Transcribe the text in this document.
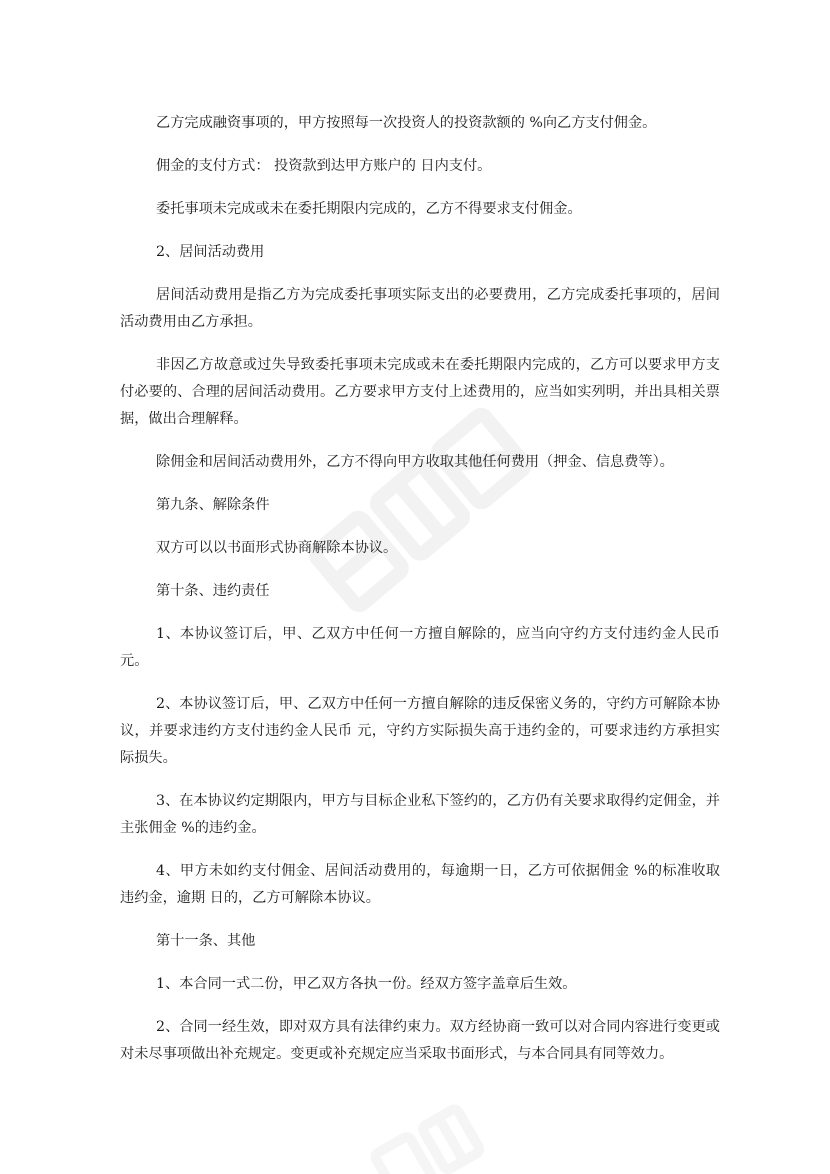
乙方完成融资事项的，甲方按照每一次投资人的投资款额的 %向乙方支付佣金。

佣金的支付方式： 投资款到达甲方账户的 日内支付。

委托事项未完成或未在委托期限内完成的，乙方不得要求支付佣金。

2、居间活动费用

居间活动费用是指乙方为完成委托事项实际支出的必要费用，乙方完成委托事项的，居间活动费用由乙方承担。

非因乙方故意或过失导致委托事项未完成或未在委托期限内完成的，乙方可以要求甲方支付必要的、合理的居间活动费用。乙方要求甲方支付上述费用的，应当如实列明，并出具相关票据，做出合理解释。

除佣金和居间活动费用外，乙方不得向甲方收取其他任何费用（押金、信息费等）。

第九条、解除条件

双方可以以书面形式协商解除本协议。

第十条、违约责任

1、本协议签订后，甲、乙双方中任何一方擅自解除的，应当向守约方支付违约金人民币 元。

2、本协议签订后，甲、乙双方中任何一方擅自解除的违反保密义务的，守约方可解除本协议，并要求违约方支付违约金人民币 元，守约方实际损失高于违约金的，可要求违约方承担实际损失。

3、在本协议约定期限内，甲方与目标企业私下签约的，乙方仍有关要求取得约定佣金，并主张佣金 %的违约金。

4、甲方未如约支付佣金、居间活动费用的，每逾期一日，乙方可依据佣金 %的标准收取违约金，逾期 日的，乙方可解除本协议。

第十一条、其他

1、本合同一式二份，甲乙双方各执一份。经双方签字盖章后生效。

2、合同一经生效，即对双方具有法律约束力。双方经协商一致可以对合同内容进行变更或对未尽事项做出补充规定。变更或补充规定应当采取书面形式，与本合同具有同等效力。
